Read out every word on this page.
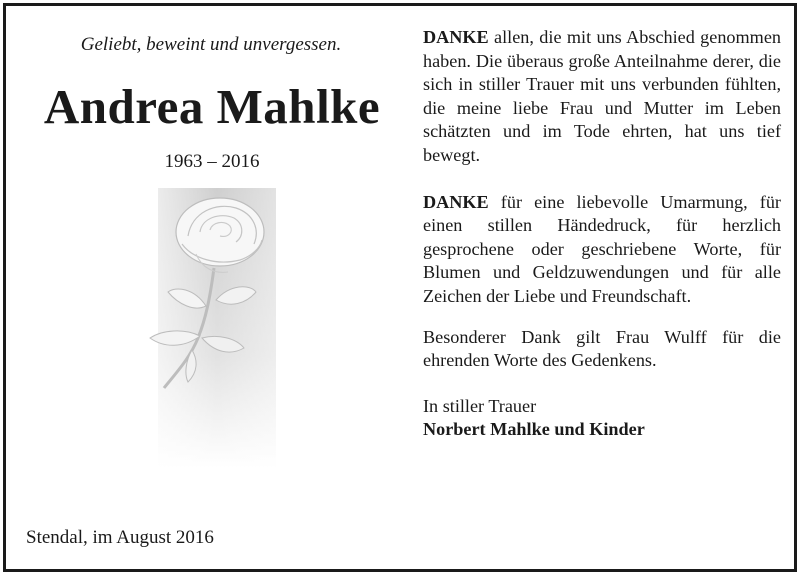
Geliebt, beweint und unvergessen.
Andrea Mahlke
1963 – 2016
Stendal, im August 2016

DANKE allen, die mit uns Abschied genommen haben. Die überaus große Anteilnahme derer, die sich in stiller Trauer mit uns verbunden fühlten, die meine liebe Frau und Mutter im Leben schätzten und im Tode ehrten, hat uns tief bewegt.

DANKE für eine liebevolle Umarmung, für einen stillen Händedruck, für herzlich gesprochene oder geschriebene Worte, für Blumen und Geldzuwendungen und für alle Zeichen der Liebe und Freundschaft.

Besonderer Dank gilt Frau Wulff für die ehrenden Worte des Gedenkens.

In stiller Trauer

Norbert Mahlke und Kinder
